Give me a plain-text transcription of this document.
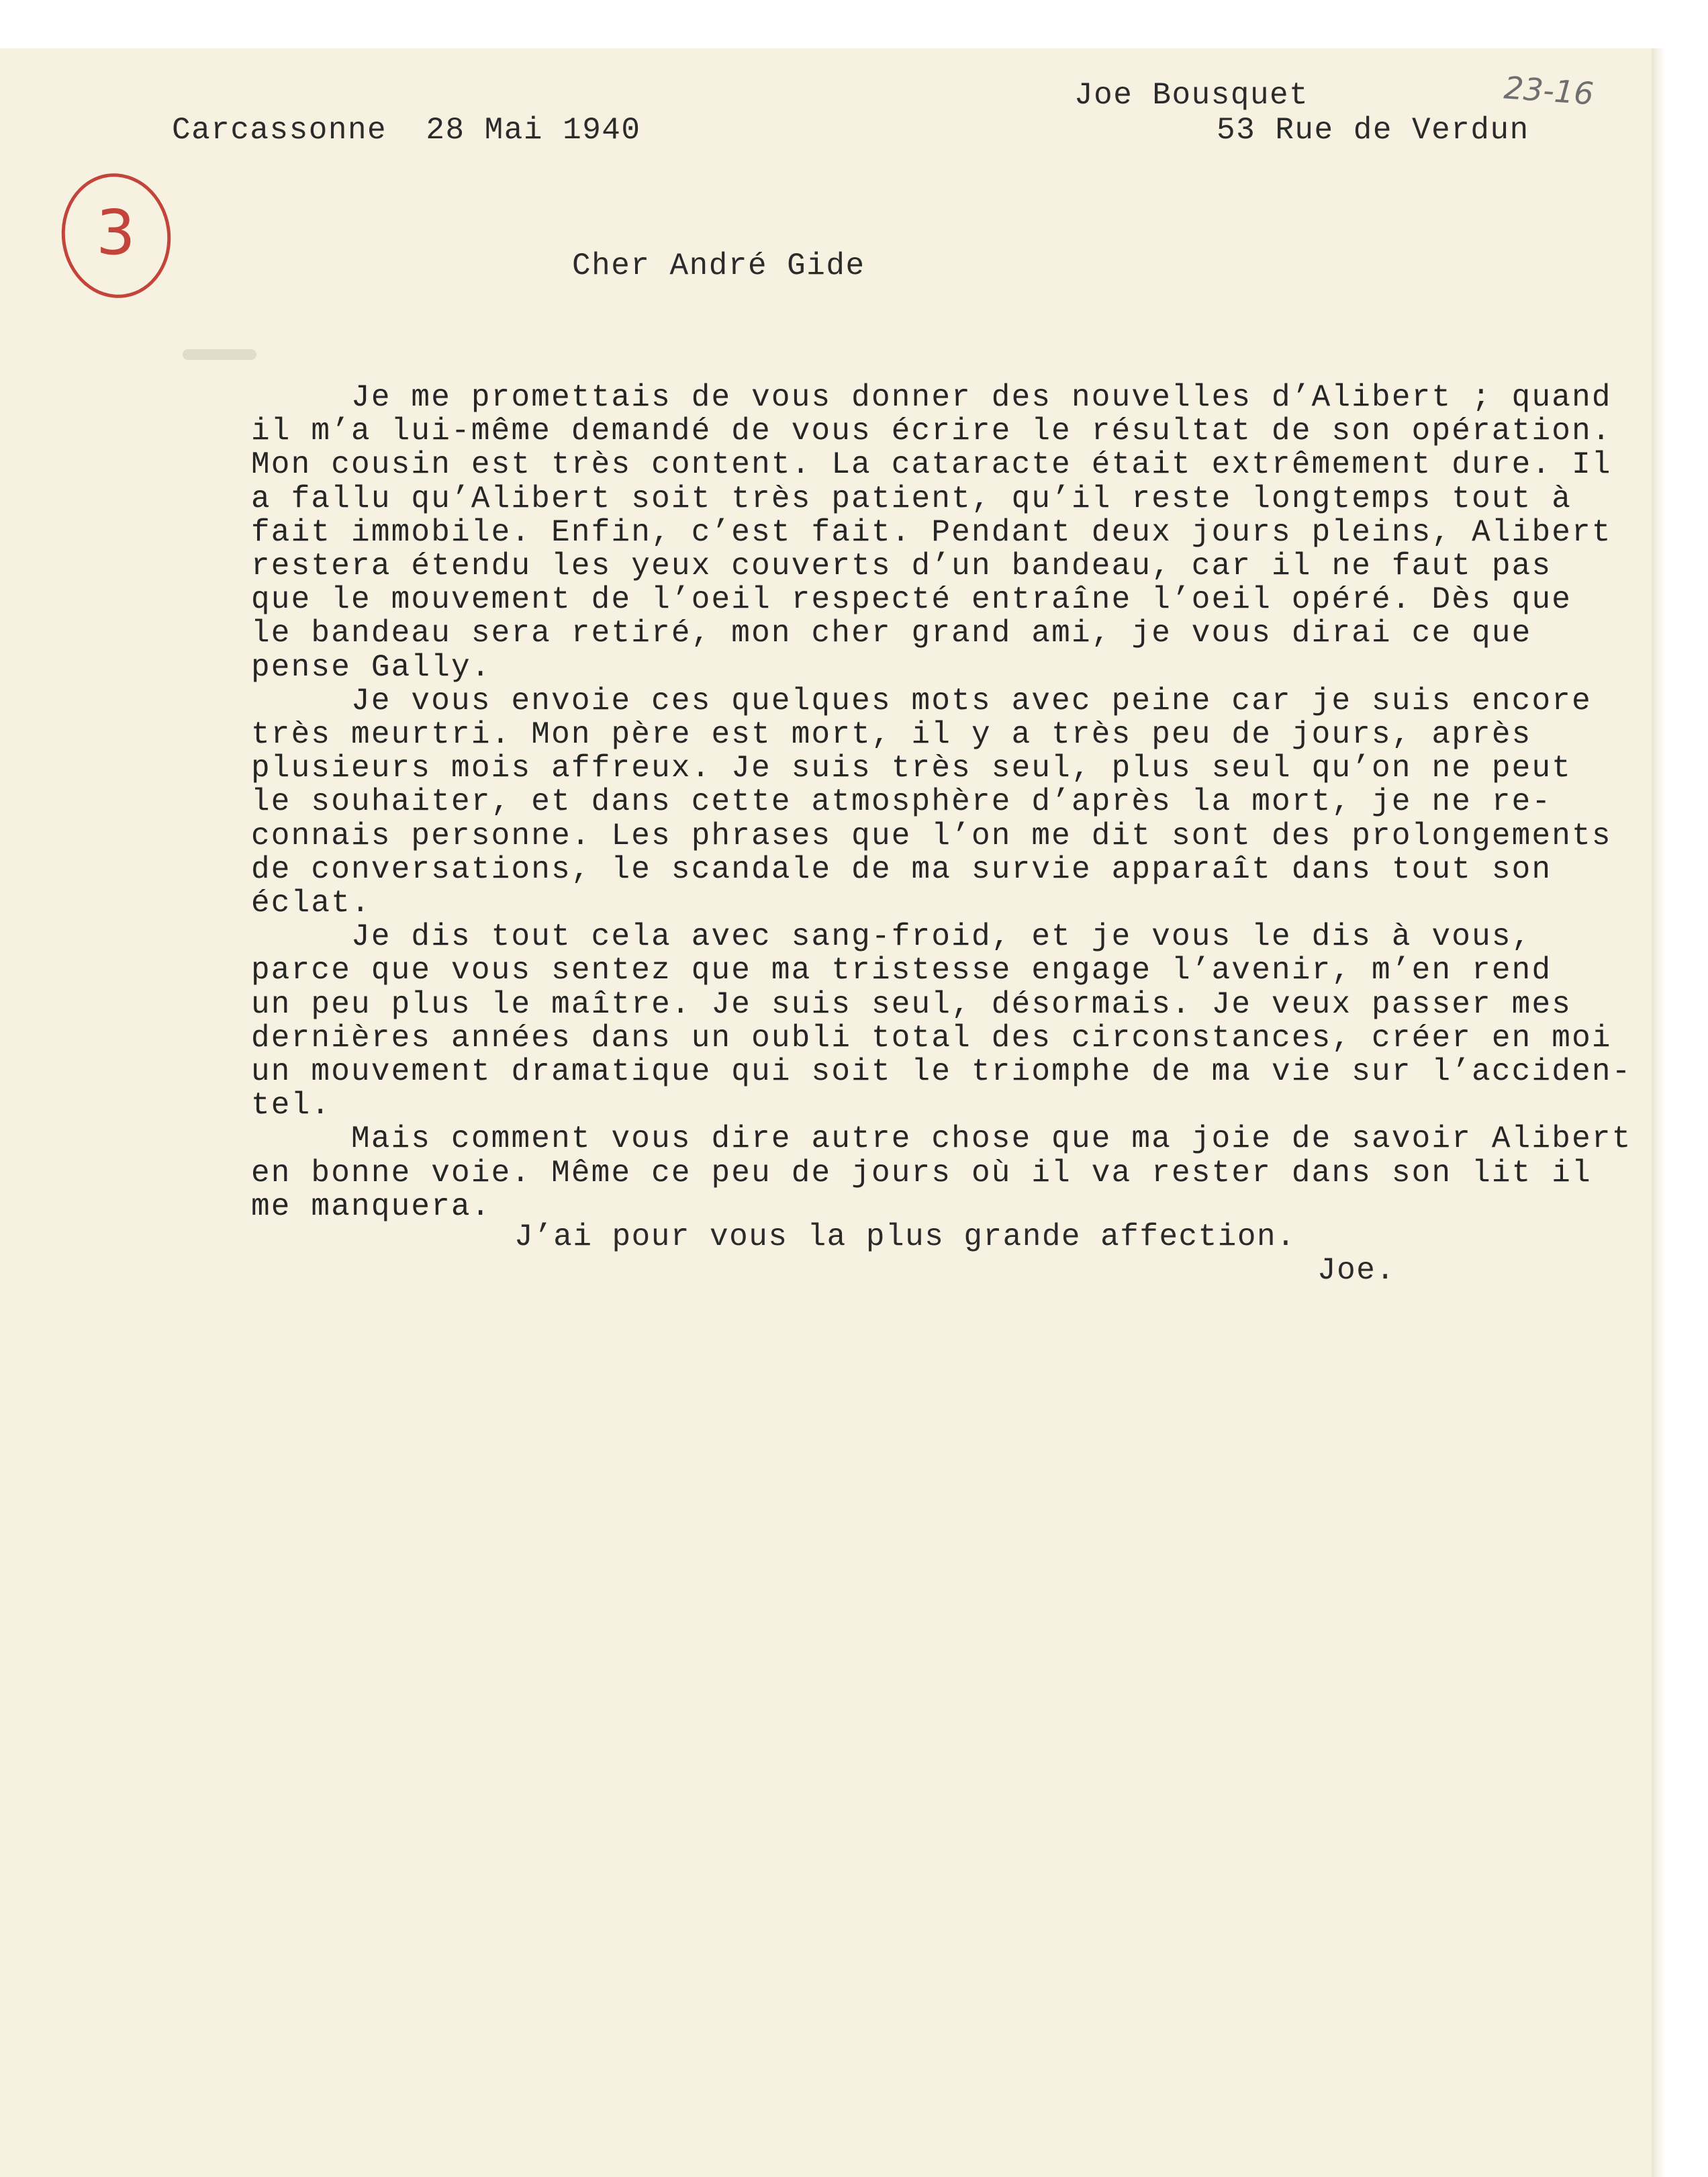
Carcassonne  28 Mai 1940
Joe Bousquet
53 Rue de Verdun
23-16
3	Cher André Gide
Je me promettais de vous donner des nouvelles d’Alibert ; quand
il m’a lui-même demandé de vous écrire le résultat de son opération.
Mon cousin est très content. La cataracte était extrêmement dure. Il
a fallu qu’Alibert soit très patient, qu’il reste longtemps tout à
fait immobile. Enfin, c’est fait. Pendant deux jours pleins, Alibert
restera étendu les yeux couverts d’un bandeau, car il ne faut pas
que le mouvement de l’oeil respecté entraîne l’oeil opéré. Dès que
le bandeau sera retiré, mon cher grand ami, je vous dirai ce que
pense Gally.
Je vous envoie ces quelques mots avec peine car je suis encore
très meurtri. Mon père est mort, il y a très peu de jours, après
plusieurs mois affreux. Je suis très seul, plus seul qu’on ne peut
le souhaiter, et dans cette atmosphère d’après la mort, je ne re-
connais personne. Les phrases que l’on me dit sont des prolongements
de conversations, le scandale de ma survie apparaît dans tout son
éclat.
Je dis tout cela avec sang-froid, et je vous le dis à vous,
parce que vous sentez que ma tristesse engage l’avenir, m’en rend
un peu plus le maître. Je suis seul, désormais. Je veux passer mes
dernières années dans un oubli total des circonstances, créer en moi
un mouvement dramatique qui soit le triomphe de ma vie sur l’acciden-
tel.
Mais comment vous dire autre chose que ma joie de savoir Alibert
en bonne voie. Même ce peu de jours où il va rester dans son lit il
me manquera.
J’ai pour vous la plus grande affection.
Joe.
